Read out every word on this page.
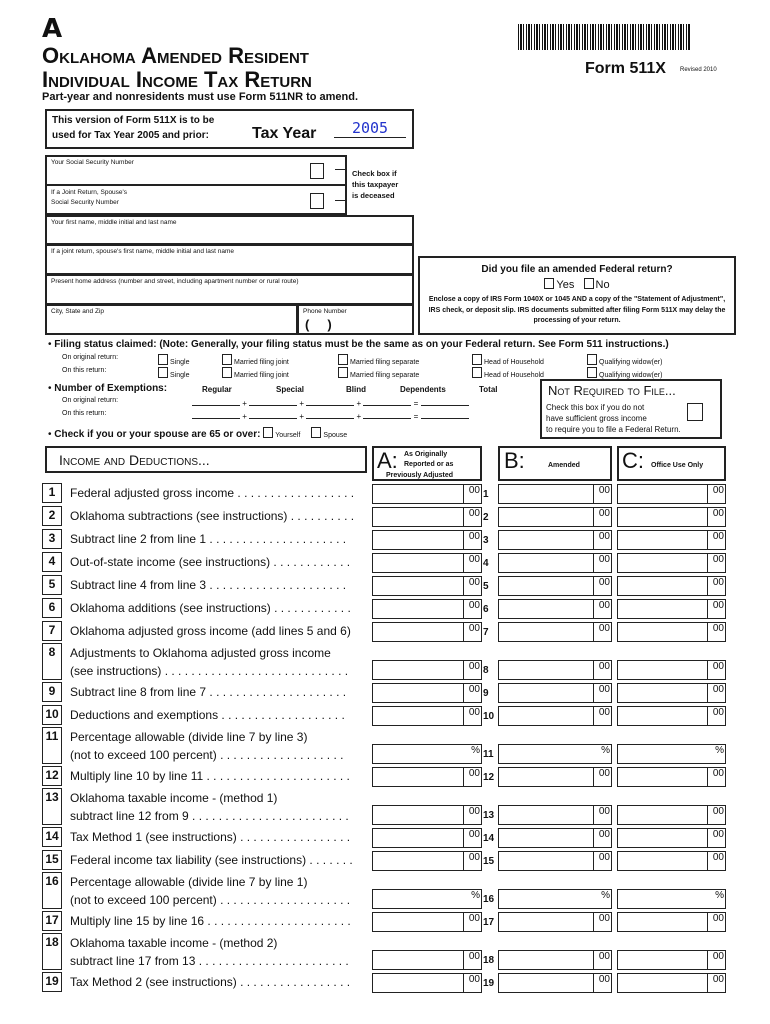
A
Oklahoma Amended Resident
Individual Income Tax Return
Part-year and nonresidents must use Form 511NR to amend.
Form 511X Revised 2010
This version of Form 511X is to be
used for Tax Year 2005 and prior:	Tax Year	2005
Your Social Security Number
If a Joint Return, Spouse's
Social Security Number
Check box if
this taxpayer
is deceased
Your first name, middle initial and last name
If a joint return, spouse's first name, middle initial and last name
Present home address (number and street, including apartment number or rural route)
City, State and Zip	Phone Number
(     )
Did you file an amended Federal return?
Yes No
Enclose a copy of IRS Form 1040X or 1045 AND a copy of the "Statement of Adjustment", IRS check, or deposit slip. IRS documents submitted after filing Form 511X may delay the processing of your return.
• Filing status claimed: (Note: Generally, your filing status must be the same as on your Federal return. See Form 511 instructions.)
On original return:
On this return:
Single	Married filing joint	Married filing separate	Head of Household	Qualifying widow(er)
Single	Married filing joint	Married filing separate	Head of Household	Qualifying widow(er)
• Number of Exemptions:	Regular	Special	Blind	Dependents	Total
On original return:
On this return:
+	+	+	=
+	+	+	=
• Check if you or your spouse are 65 or over: Yourself	Spouse
Not Required to File...
Check this box if you do not
have sufficient gross income
to require you to file a Federal Return.
Income and Deductions...	A: As Originally Reported or as
Previously Adjusted
B:	Amended C: Office Use Only
1	Federal adjusted gross income . . . . . . . . . . . . . . . . . .	00 1	00	00
2	Oklahoma subtractions (see instructions) . . . . . . . . . .	00 2	00	00
3	Subtract line 2 from line 1 . . . . . . . . . . . . . . . . . . . . .	00 3	00	00
4	Out-of-state income (see instructions) . . . . . . . . . . . .	00 4	00	00
5	Subtract line 4 from line 3 . . . . . . . . . . . . . . . . . . . . .	00 5	00	00
6	Oklahoma additions (see instructions) . . . . . . . . . . . .	00 6	00	00
7	Oklahoma adjusted gross income (add lines 5 and 6)	00 7	00	00
8	Adjustments to Oklahoma adjusted gross income
(see instructions) . . . . . . . . . . . . . . . . . . . . . . . . . . . .	00 8	00	00
9	Subtract line 8 from line 7 . . . . . . . . . . . . . . . . . . . . .	00 9	00	00
10 Deductions and exemptions . . . . . . . . . . . . . . . . . . .	00 10	00	00
11 Percentage allowable (divide line 7 by line 3)
(not to exceed 100 percent) . . . . . . . . . . . . . . . . . . .	% 11	%	%
12 Multiply line 10 by line 11 . . . . . . . . . . . . . . . . . . . . . .	00 12	00	00
13 Oklahoma taxable income - (method 1)
subtract line 12 from 9 . . . . . . . . . . . . . . . . . . . . . . . .	00 13	00	00
14 Tax Method 1 (see instructions) . . . . . . . . . . . . . . . . .	00 14	00	00
15 Federal income tax liability (see instructions) . . . . . . .	00 15	00	00
16 Percentage allowable (divide line 7 by line 1)
(not to exceed 100 percent) . . . . . . . . . . . . . . . . . . . .	% 16	%	%
17 Multiply line 15 by line 16 . . . . . . . . . . . . . . . . . . . . . .	00 17	00	00
18 Oklahoma taxable income - (method 2)
subtract line 17 from 13 . . . . . . . . . . . . . . . . . . . . . . .	00 18	00	00
19 Tax Method 2 (see instructions) . . . . . . . . . . . . . . . . .	00 19	00	00
